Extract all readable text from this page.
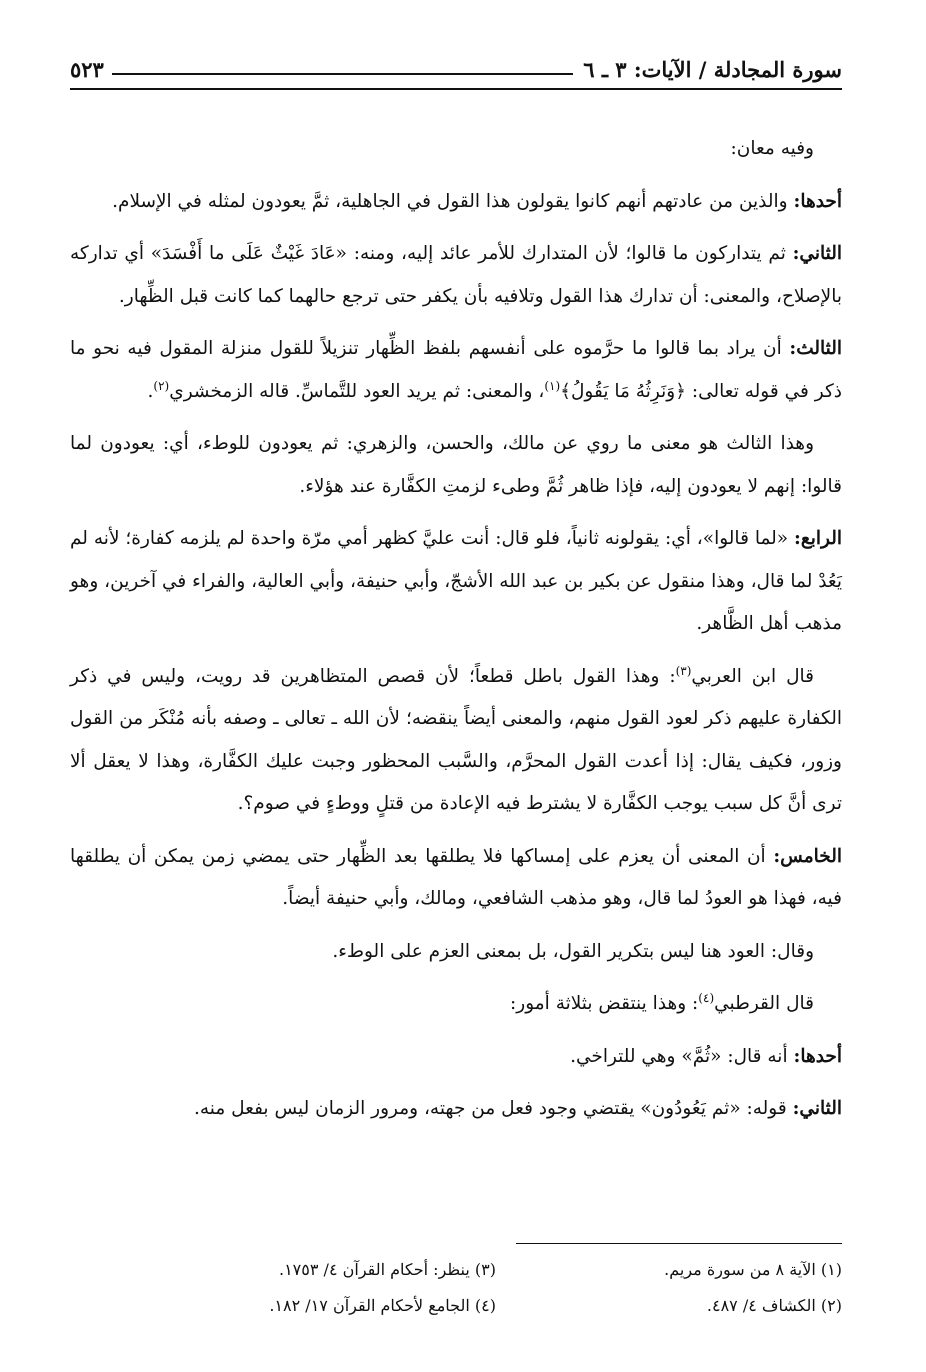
سورة المجادلة / الآيات: ٣ ـ ٦
٥٢٣

وفيه معان:

أحدها: والذين من عادتهم أنهم كانوا يقولون هذا القول في الجاهلية، ثمَّ يعودون لمثله في الإسلام.

الثاني: ثم يتداركون ما قالوا؛ لأن المتدارك للأمر عائد إليه، ومنه: «عَادَ غَيْثٌ عَلَى ما أَفْسَدَ» أي تداركه بالإصلاح، والمعنى: أن تدارك هذا القول وتلافيه بأن يكفر حتى ترجع حالهما كما كانت قبل الظِّهار.

الثالث: أن يراد بما قالوا ما حرَّموه على أنفسهم بلفظ الظِّهار تنزيلاً للقول منزلة المقول فيه نحو ما ذكر في قوله تعالى: ﴿وَنَرِثُهُ مَا يَقُولُ﴾$^{(١)}$، والمعنى: ثم يريد العود للتَّماسِّ. قاله الزمخشري$^{(٢)}$.

وهذا الثالث هو معنى ما روي عن مالك، والحسن، والزهري: ثم يعودون للوطء، أي: يعودون لما قالوا: إنهم لا يعودون إليه، فإذا ظاهر ثُمَّ وطىء لزمتِ الكفَّارة عند هؤلاء.

الرابع: «لما قالوا»، أي: يقولونه ثانياً، فلو قال: أنت عليَّ كظهر أمي مرّة واحدة لم يلزمه كفارة؛ لأنه لم يَعُدْ لما قال، وهذا منقول عن بكير بن عبد الله الأشجّ، وأبي حنيفة، وأبي العالية، والفراء في آخرين، وهو مذهب أهل الظَّاهر.

قال ابن العربي$^{(٣)}$: وهذا القول باطل قطعاً؛ لأن قصص المتظاهرين قد رويت، وليس في ذكر الكفارة عليهم ذكر لعود القول منهم، والمعنى أيضاً ينقضه؛ لأن الله ـ تعالى ـ وصفه بأنه مُنْكَر من القول وزور، فكيف يقال: إذا أعدت القول المحرَّم، والسَّبب المحظور وجبت عليك الكفَّارة، وهذا لا يعقل ألا ترى أنَّ كل سبب يوجب الكفَّارة لا يشترط فيه الإعادة من قتلٍ ووطءٍ في صوم؟.

الخامس: أن المعنى أن يعزم على إمساكها فلا يطلقها بعد الظِّهار حتى يمضي زمن يمكن أن يطلقها فيه، فهذا هو العودُ لما قال، وهو مذهب الشافعي، ومالك، وأبي حنيفة أيضاً.

وقال: العود هنا ليس بتكرير القول، بل بمعنى العزم على الوطء.

قال القرطبي$^{(٤)}$: وهذا ينتقض بثلاثة أمور:

أحدها: أنه قال: «ثُمَّ» وهي للتراخي.

الثاني: قوله: «ثم يَعُودُون» يقتضي وجود فعل من جهته، ومرور الزمان ليس بفعل منه.

(١) الآية ٨ من سورة مريم.
(٣) ينظر: أحكام القرآن ٤/ ١٧٥٣.
(٢) الكشاف ٤/ ٤٨٧.
(٤) الجامع لأحكام القرآن ١٧/ ١٨٢.
